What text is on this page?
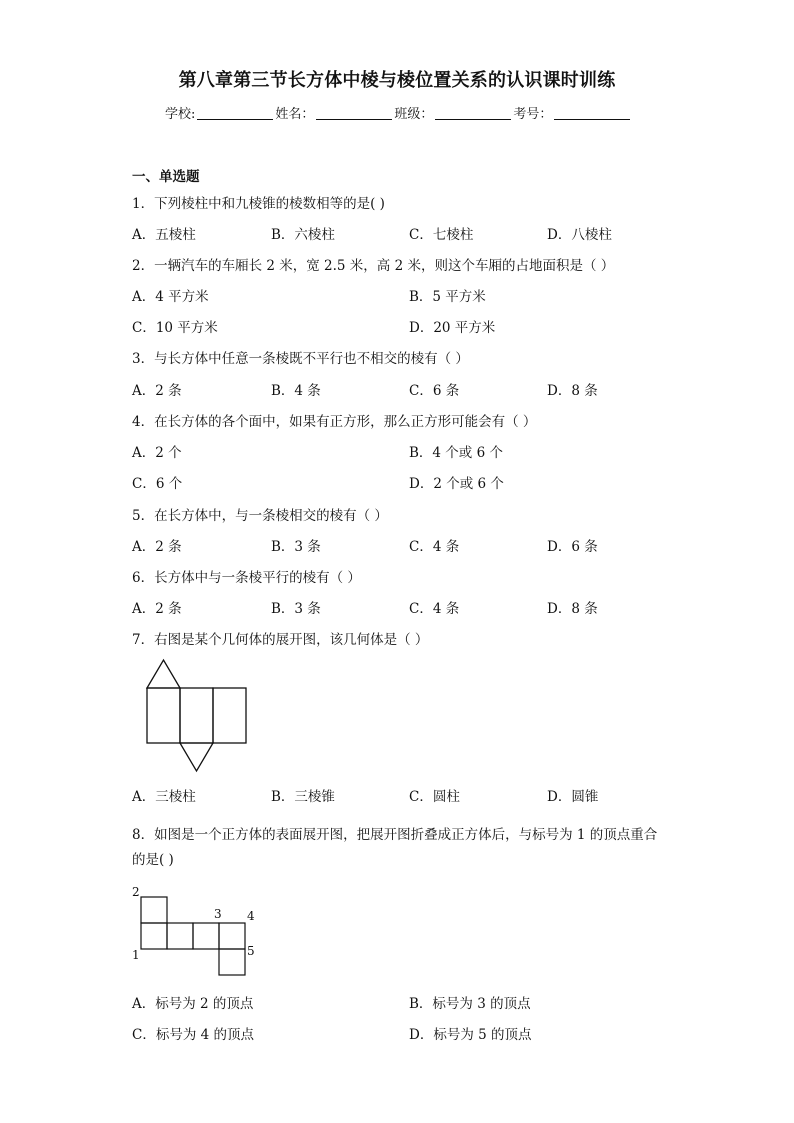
第八章第三节长方体中棱与棱位置关系的认识课时训练
学校:	姓名：	班级：	考号：
一、单选题
1．下列棱柱中和九棱锥的棱数相等的是( )
A．五棱柱	B．六棱柱	C．七棱柱	D．八棱柱
2．一辆汽车的车厢长 2 米，宽 2.5 米，高 2 米，则这个车厢的占地面积是（ ）
A．4 平方米	B．5 平方米
C．10 平方米	D．20 平方米
3．与长方体中任意一条棱既不平行也不相交的棱有（ ）
A．2 条	B．4 条	C．6 条	D．8 条
4．在长方体的各个面中，如果有正方形，那么正方形可能会有（ ）
A．2 个	B．4 个或 6 个
C．6 个	D．2 个或 6 个
5．在长方体中，与一条棱相交的棱有（ ）
A．2 条	B．3 条	C．4 条	D．6 条
6．长方体中与一条棱平行的棱有（ ）
A．2 条	B．3 条	C．4 条	D．8 条
7．右图是某个几何体的展开图，该几何体是（ ）
A．三棱柱	B．三棱锥	C．圆柱	D．圆锥
8．如图是一个正方体的表面展开图，把展开图折叠成正方体后，与标号为 1 的顶点重合的是( )
2
3 4
1	5
A．标号为 2 的顶点	B．标号为 3 的顶点
C．标号为 4 的顶点	D．标号为 5 的顶点
